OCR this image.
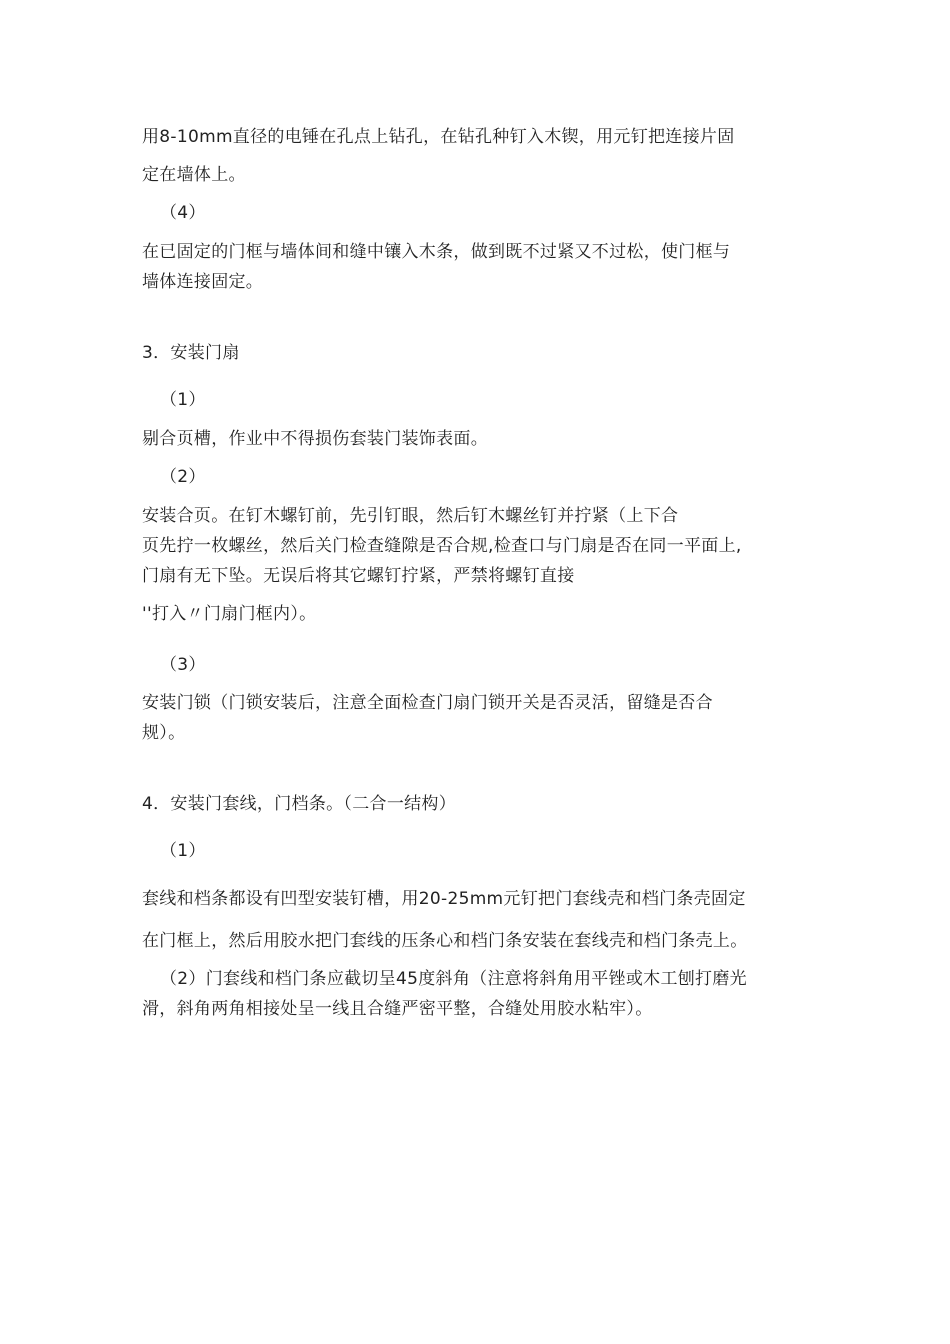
用8-10mm直径的电锤在孔点上钻孔，在钻孔种钉入木锲，用元钉把连接片固
定在墙体上。
（4）
在已固定的门框与墙体间和缝中镶入木条，做到既不过紧又不过松，使门框与
墙体连接固定。
3．安装门扇
（1）
剔合页槽，作业中不得损伤套装门装饰表面。
（2）
安装合页。在钉木螺钉前，先引钉眼，然后钉木螺丝钉并拧紧（上下合
页先拧一枚螺丝，然后关门检查缝隙是否合规,检查口与门扇是否在同一平面上,
门扇有无下坠。无误后将其它螺钉拧紧，严禁将螺钉直接
''打入〃门扇门框内）。
（3）
安装门锁（门锁安装后，注意全面检查门扇门锁开关是否灵活，留缝是否合
规）。
4．安装门套线，门档条。（二合一结构）
（1）
套线和档条都设有凹型安装钉槽，用20-25mm元钉把门套线壳和档门条壳固定
在门框上，然后用胶水把门套线的压条心和档门条安装在套线壳和档门条壳上。
（2）门套线和档门条应截切呈45度斜角（注意将斜角用平锉或木工刨打磨光
滑，斜角两角相接处呈一线且合缝严密平整，合缝处用胶水粘牢）。
